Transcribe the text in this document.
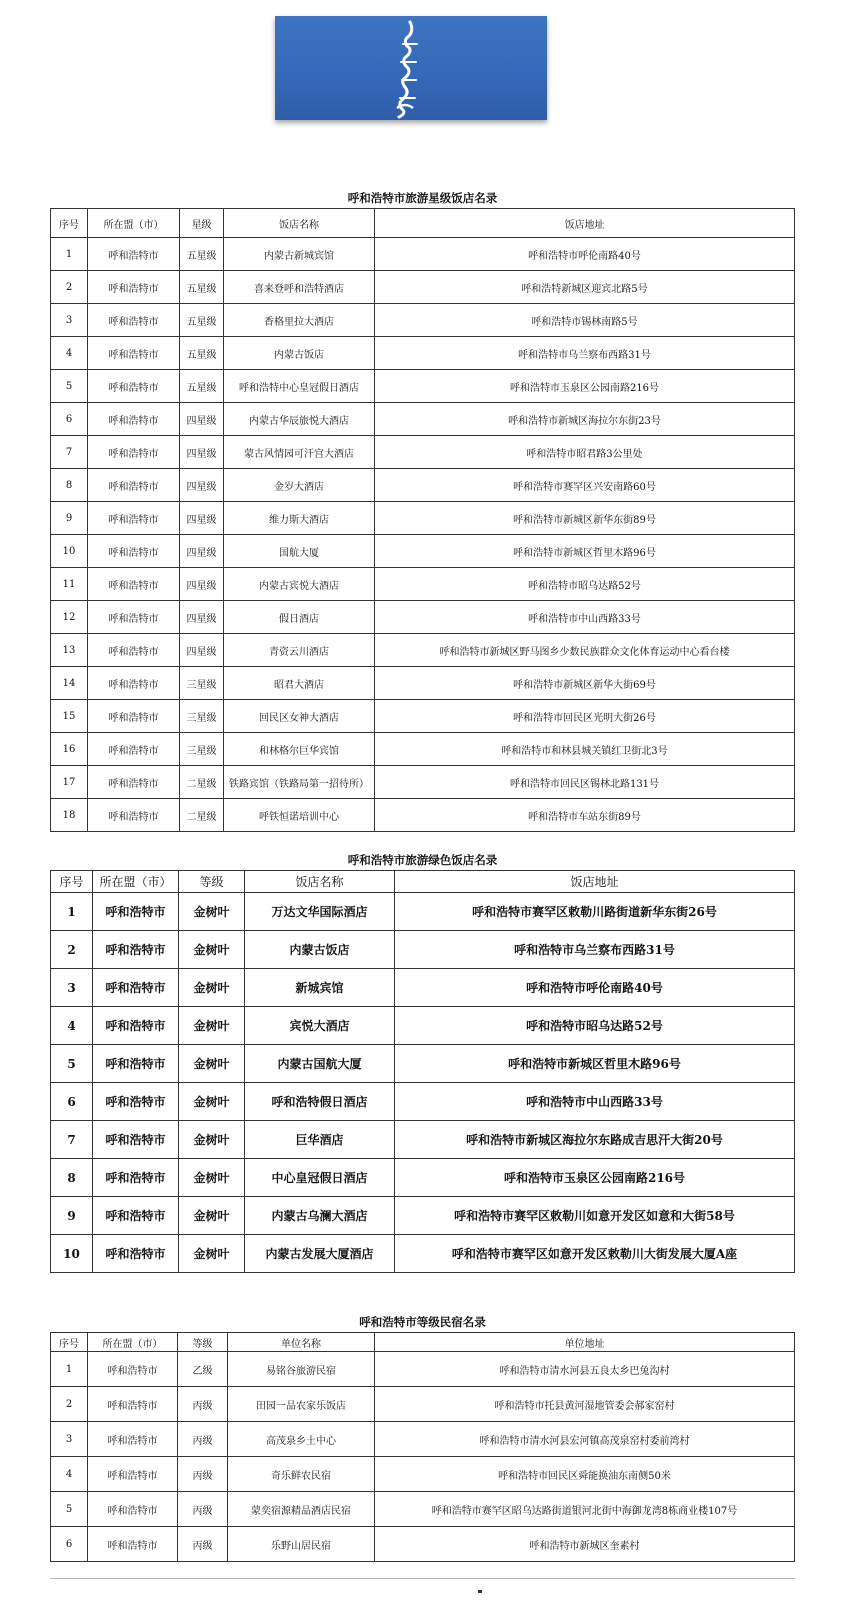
呼和浩特市旅游星级饭店名录
序号	所在盟（市）	星级	饭店名称	饭店地址
1	呼和浩特市	五星级	内蒙古新城宾馆	呼和浩特市呼伦南路40号
2	呼和浩特市	五星级	喜来登呼和浩特酒店	呼和浩特新城区迎宾北路5号
3	呼和浩特市	五星级	香格里拉大酒店	呼和浩特市锡林南路5号
4	呼和浩特市	五星级	内蒙古饭店	呼和浩特市乌兰察布西路31号
5	呼和浩特市	五星级	呼和浩特中心皇冠假日酒店	呼和浩特市玉泉区公园南路216号
6	呼和浩特市	四星级	内蒙古华辰旅悦大酒店	呼和浩特市新城区海拉尔东街23号
7	呼和浩特市	四星级	蒙古风情园可汗宫大酒店	呼和浩特市昭君路3公里处
8	呼和浩特市	四星级	金岁大酒店	呼和浩特市赛罕区兴安南路60号
9	呼和浩特市	四星级	维力斯大酒店	呼和浩特市新城区新华东街89号
10	呼和浩特市	四星级	国航大厦	呼和浩特市新城区哲里木路96号
11	呼和浩特市	四星级	内蒙古宾悦大酒店	呼和浩特市昭乌达路52号
12	呼和浩特市	四星级	假日酒店	呼和浩特市中山西路33号
13	呼和浩特市	四星级	青资云川酒店	呼和浩特市新城区野马图乡少数民族群众文化体育运动中心看台楼
14	呼和浩特市	三星级	昭君大酒店	呼和浩特市新城区新华大街69号
15	呼和浩特市	三星级	回民区女神大酒店	呼和浩特市回民区光明大街26号
16	呼和浩特市	三星级	和林格尔巨华宾馆	呼和浩特市和林县城关镇红卫街北3号
17	呼和浩特市	二星级	铁路宾馆（铁路局第一招待所）	呼和浩特市回民区锡林北路131号
18	呼和浩特市	二星级	呼铁恒诺培训中心	呼和浩特市车站东街89号
呼和浩特市旅游绿色饭店名录
序号	所在盟（市）	等级	饭店名称	饭店地址
1	呼和浩特市	金树叶	万达文华国际酒店	呼和浩特市赛罕区敕勒川路街道新华东街26号
2	呼和浩特市	金树叶	内蒙古饭店	呼和浩特市乌兰察布西路31号
3	呼和浩特市	金树叶	新城宾馆	呼和浩特市呼伦南路40号
4	呼和浩特市	金树叶	宾悦大酒店	呼和浩特市昭乌达路52号
5	呼和浩特市	金树叶	内蒙古国航大厦	呼和浩特市新城区哲里木路96号
6	呼和浩特市	金树叶	呼和浩特假日酒店	呼和浩特市中山西路33号
7	呼和浩特市	金树叶	巨华酒店	呼和浩特市新城区海拉尔东路成吉思汗大街20号
8	呼和浩特市	金树叶	中心皇冠假日酒店	呼和浩特市玉泉区公园南路216号
9	呼和浩特市	金树叶	内蒙古乌澜大酒店	呼和浩特市赛罕区敕勒川如意开发区如意和大街58号
10	呼和浩特市	金树叶	内蒙古发展大厦酒店	呼和浩特市赛罕区如意开发区敕勒川大街发展大厦A座
呼和浩特市等级民宿名录
序号	所在盟（市）	等级	单位名称	单位地址
1	呼和浩特市	乙级	易铭谷旅游民宿	呼和浩特市清水河县五良太乡巴兔沟村
2	呼和浩特市	丙级	田园一品农家乐饭店	呼和浩特市托县黄河湿地管委会郝家窑村
3	呼和浩特市	丙级	高茂泉乡土中心	呼和浩特市清水河县宏河镇高茂泉窑村委前湾村
4	呼和浩特市	丙级	奇乐鲜农民宿	呼和浩特市回民区舜能换油东南侧50米
5	呼和浩特市	丙级	蒙奕宿源精品酒店民宿	呼和浩特市赛罕区昭乌达路街道银河北街中海御龙湾8栋商业楼107号
6	呼和浩特市	丙级	乐野山居民宿	呼和浩特市新城区奎素村
